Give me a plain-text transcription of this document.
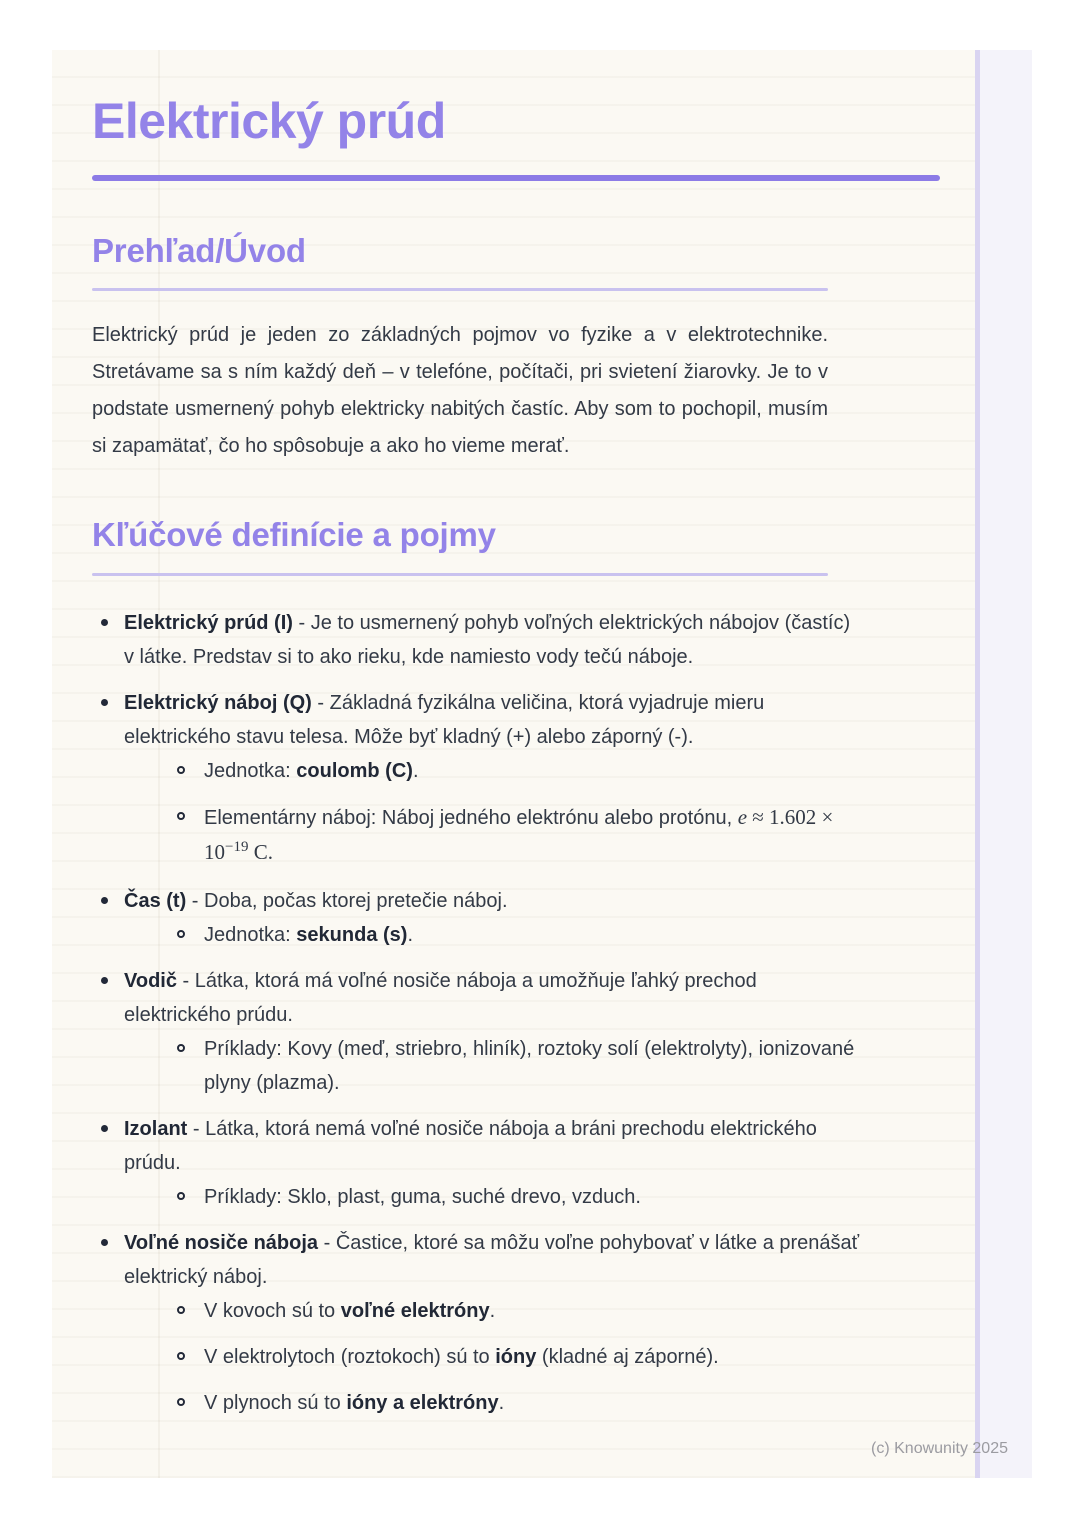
Elektrický prúd
Prehľad/Úvod

Elektrický prúd je jeden zo základných pojmov vo fyzike a v elektrotechnike. Stretávame sa s ním každý deň – v telefóne, počítači, pri svietení žiarovky. Je to v podstate usmernený pohyb elektricky nabitých častíc. Aby som to pochopil, musím si zapamätať, čo ho spôsobuje a ako ho vieme merať.

Kľúčové definície a pojmy
Elektrický prúd (I) - Je to usmernený pohyb voľných elektrických nábojov (častíc) v látke. Predstav si to ako rieku, kde namiesto vody tečú náboje.
Elektrický náboj (Q) - Základná fyzikálna veličina, ktorá vyjadruje mieru elektrického stavu telesa. Môže byť kladný (+) alebo záporný (-).
Jednotka: coulomb (C).
Elementárny náboj: Náboj jedného elektrónu alebo protónu, $e \approx 1.602 \times 10^{-19}$ C.
Čas (t) - Doba, počas ktorej pretečie náboj.
Jednotka: sekunda (s).
Vodič - Látka, ktorá má voľné nosiče náboja a umožňuje ľahký prechod elektrického prúdu.
Príklady: Kovy (meď, striebro, hliník), roztoky solí (elektrolyty), ionizované plyny (plazma).
Izolant - Látka, ktorá nemá voľné nosiče náboja a bráni prechodu elektrického prúdu.
Príklady: Sklo, plast, guma, suché drevo, vzduch.
Voľné nosiče náboja - Častice, ktoré sa môžu voľne pohybovať v látke a prenášať elektrický náboj.
V kovoch sú to voľné elektróny.
V elektrolytoch (roztokoch) sú to ióny (kladné aj záporné).
V plynoch sú to ióny a elektróny.
(c) Knowunity 2025
